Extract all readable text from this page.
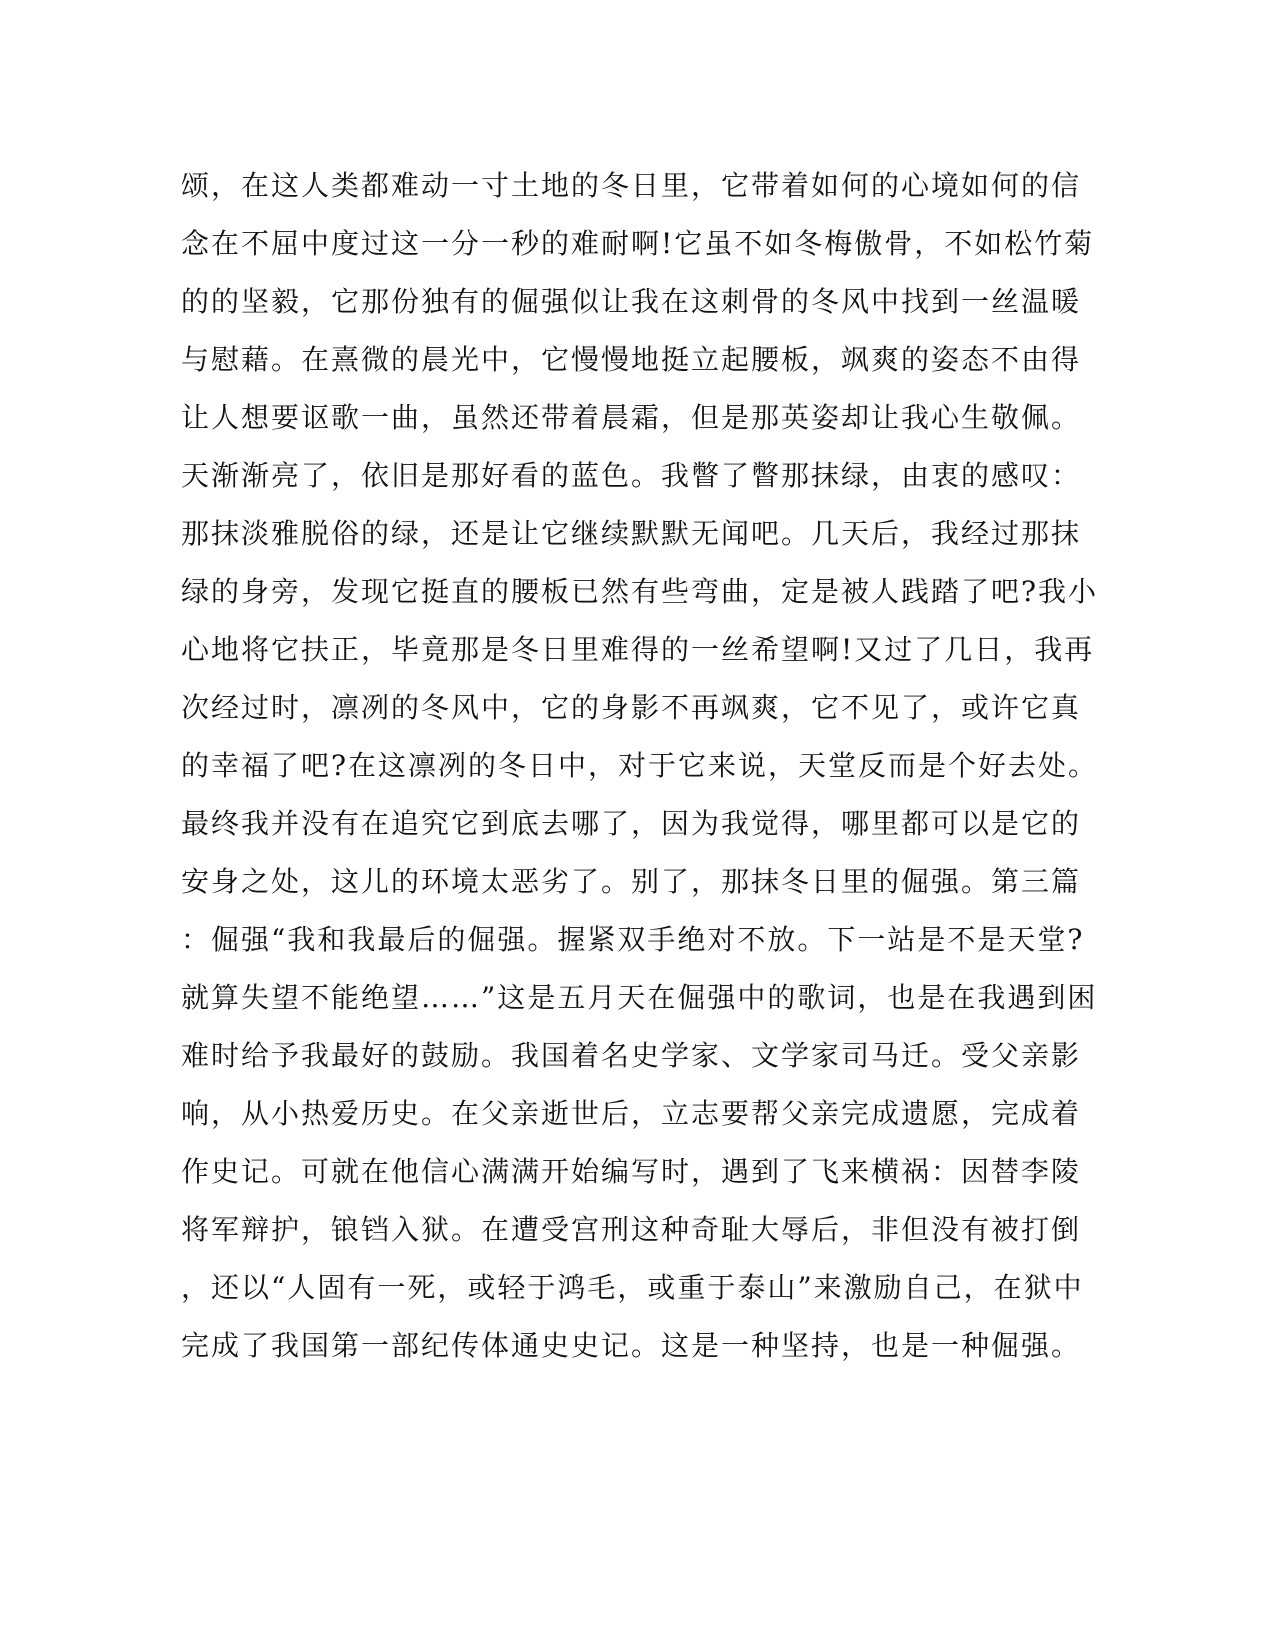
颂，在这人类都难动一寸土地的冬日里，它带着如何的心境如何的信
念在不屈中度过这一分一秒的难耐啊!它虽不如冬梅傲骨，不如松竹菊
的的坚毅，它那份独有的倔强似让我在这刺骨的冬风中找到一丝温暖
与慰藉。在熹微的晨光中，它慢慢地挺立起腰板，飒爽的姿态不由得
让人想要讴歌一曲，虽然还带着晨霜，但是那英姿却让我心生敬佩。
天渐渐亮了，依旧是那好看的蓝色。我瞥了瞥那抹绿，由衷的感叹：
那抹淡雅脱俗的绿，还是让它继续默默无闻吧。几天后，我经过那抹
绿的身旁，发现它挺直的腰板已然有些弯曲，定是被人践踏了吧?我小
心地将它扶正，毕竟那是冬日里难得的一丝希望啊!又过了几日，我再
次经过时，凛冽的冬风中，它的身影不再飒爽，它不见了，或许它真
的幸福了吧?在这凛冽的冬日中，对于它来说，天堂反而是个好去处。
最终我并没有在追究它到底去哪了，因为我觉得，哪里都可以是它的
安身之处，这儿的环境太恶劣了。别了，那抹冬日里的倔强。第三篇
：倔强“我和我最后的倔强。握紧双手绝对不放。下一站是不是天堂?
就算失望不能绝望……”这是五月天在倔强中的歌词，也是在我遇到困
难时给予我最好的鼓励。我国着名史学家、文学家司马迁。受父亲影
响，从小热爱历史。在父亲逝世后，立志要帮父亲完成遗愿，完成着
作史记。可就在他信心满满开始编写时，遇到了飞来横祸：因替李陵
将军辩护，锒铛入狱。在遭受宫刑这种奇耻大辱后，非但没有被打倒
，还以“人固有一死，或轻于鸿毛，或重于泰山”来激励自己，在狱中
完成了我国第一部纪传体通史史记。这是一种坚持，也是一种倔强。
